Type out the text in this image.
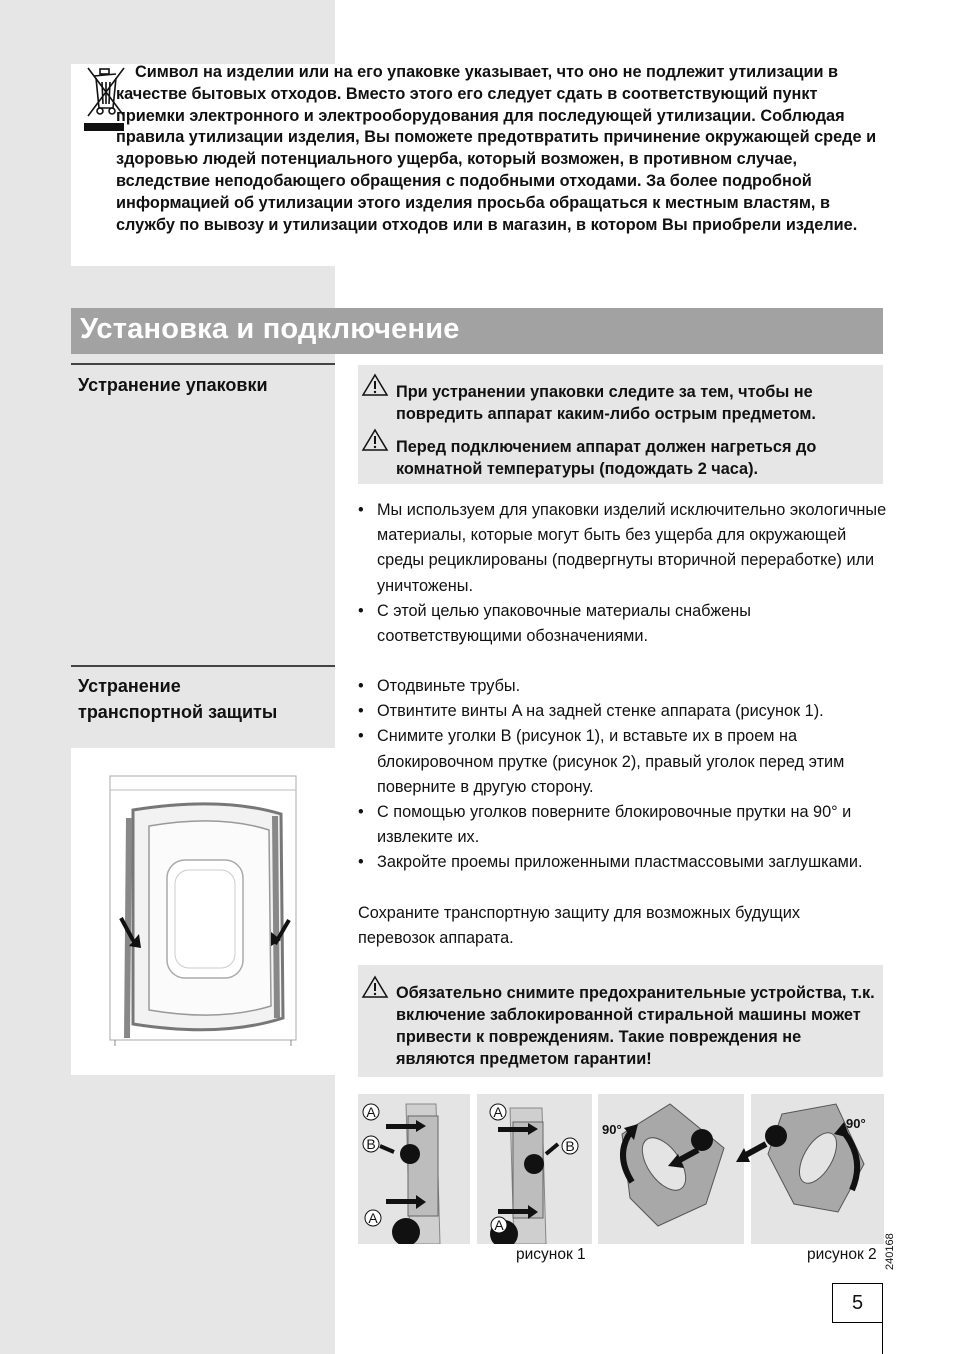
Символ на изделии или на его упаковке указывает, что оно не подлежит утилизации в качестве бытовых отходов. Вместо этого его следует сдать в соответствующий пункт приемки электронного и электрооборудования для последующей утилизации. Соблюдая правила утилизации изделия, Вы поможете предотвратить причинение окружающей среде и здоровью людей потенциального ущерба, который возможен, в противном случае, вследствие неподобающего обращения с подобными отходами. За более подробной информацией об утилизации этого изделия просьба обращаться к местным властям, в службу по вывозу и утилизации отходов или в магазин, в котором Вы приобрели изделие.
Установка и подключение
Устранение упаковки	При устранении упаковки следите за тем, чтобы не повредить аппарат каким-либо острым предметом.
Перед подключением аппарат должен нагреться до комнатной температуры (подождать 2 часа).
• Мы используем для упаковки изделий исключительно экологичные материалы, которые могут быть без ущерба для окружающей среды рециклированы (подвергнуты вторичной переработке) или уничтожены.
• С этой целью упаковочные материалы снабжены соответствующими обозначениями.
Устранение
транспортной защиты
• Отодвиньте трубы.
• Отвинтите винты A на задней стенке аппарата (рисунок 1).
• Снимите уголки B (рисунок 1), и вставьте их в проем на блокировочном прутке (рисунок 2), правый уголок перед этим поверните в другую сторону.
• С помощью уголков поверните блокировочные прутки на 90° и извлеките их.
• Закройте проемы приложенными пластмассовыми заглушками.
Сохраните транспортную защиту для возможных будущих перевозок аппарата.
Обязательно снимите предохранительные устройства, т.к. включение заблокированной стиральной машины может привести к повреждениям. Такие повреждения не являются предметом гарантии!
A
B
A
A
B
A
90°	90°
рисунок 1	рисунок 2 240168
5
